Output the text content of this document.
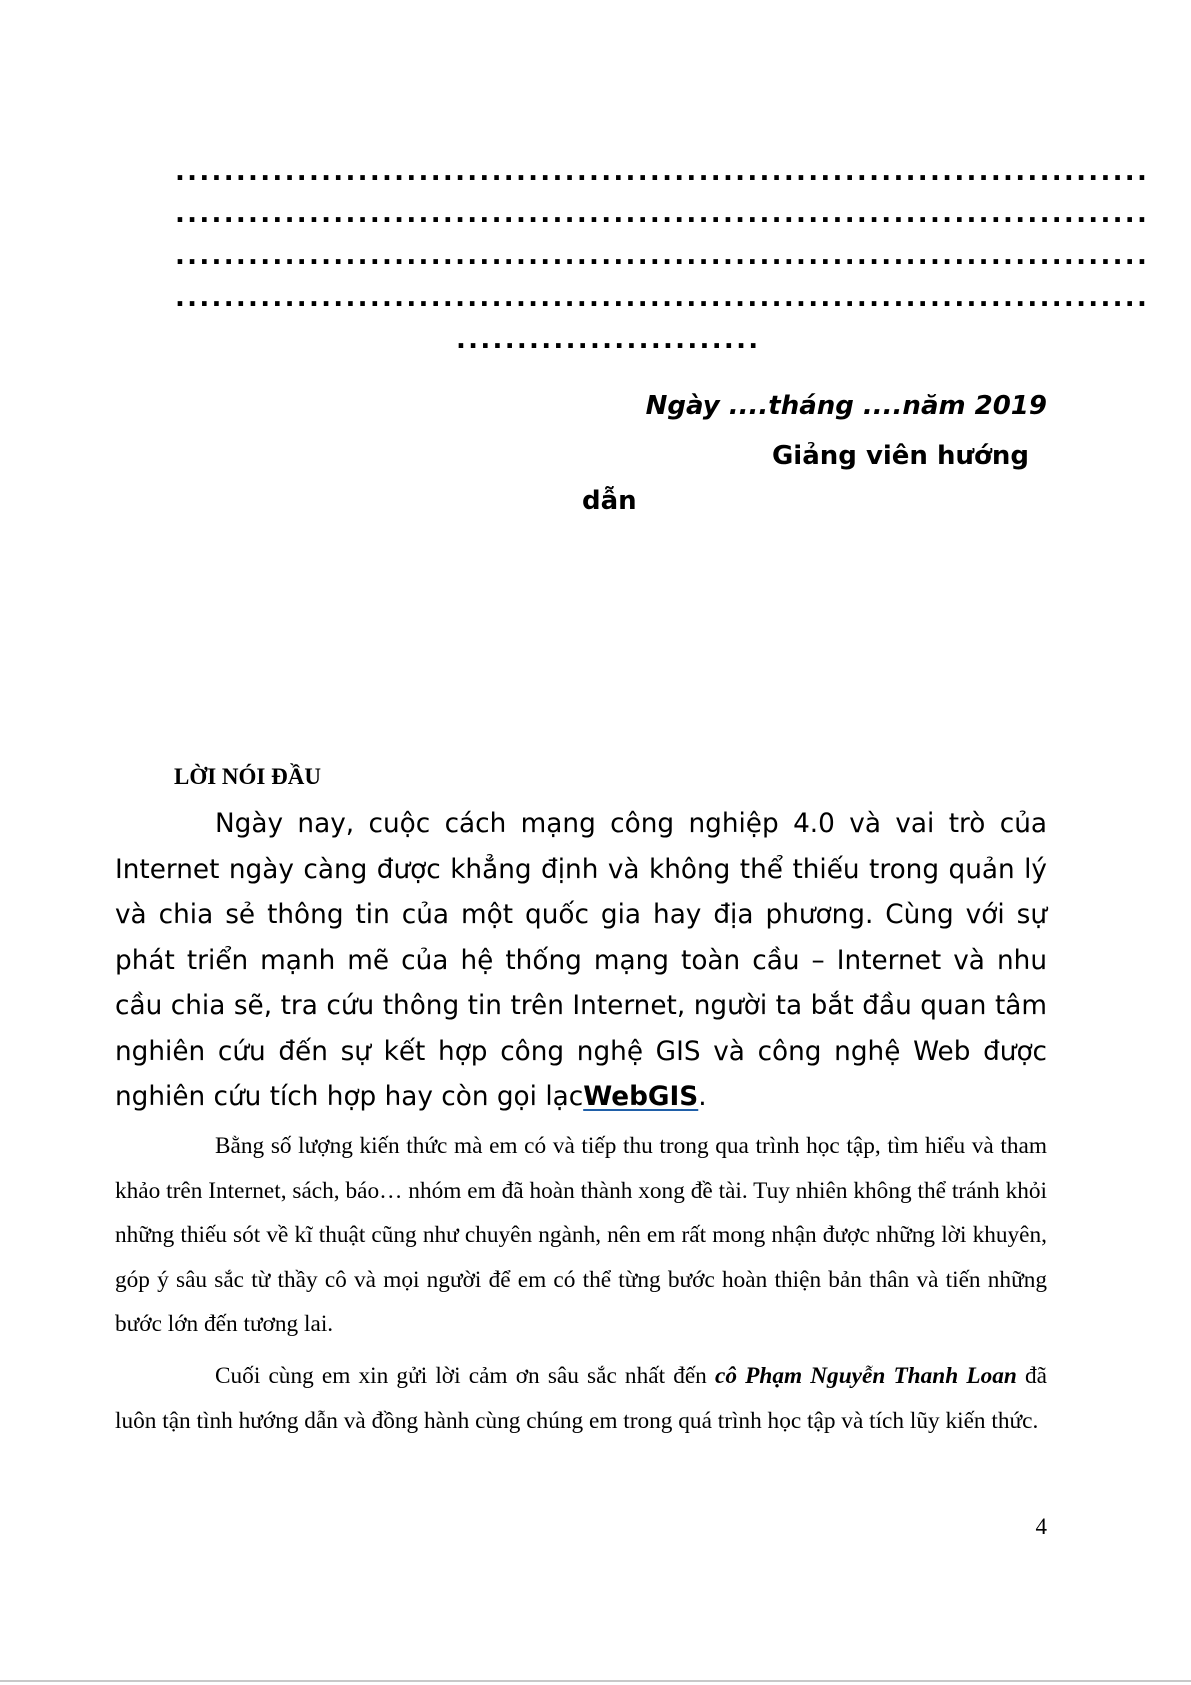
................................................................................
................................................................................
................................................................................
................................................................................
.........................
Ngày ....tháng ....năm 2019
Giảng viên hướng
dẫn
LỜI NÓI ĐẦU

Ngày nay, cuộc cách mạng công nghiệp 4.0 và vai trò của Internet ngày càng được khẳng định và không thể thiếu trong quản lý và chia sẻ thông tin của một quốc gia hay địa phương. Cùng với sự phát triển mạnh mẽ của hệ thống mạng toàn cầu – Internet và nhu cầu chia sẽ, tra cứu thông tin trên Internet, người ta bắt đầu quan tâm nghiên cứu đến sự kết hợp công nghệ GIS và công nghệ Web được nghiên cứu tích hợp hay còn gọi lạcWebGIS.

Bằng số lượng kiến thức mà em có và tiếp thu trong qua trình học tập, tìm hiểu và tham khảo trên Internet, sách, báo… nhóm em đã hoàn thành xong đề tài. Tuy nhiên không thể tránh khỏi những thiếu sót về kĩ thuật cũng như chuyên ngành, nên em rất mong nhận được những lời khuyên, góp ý sâu sắc từ thầy cô và mọi người để em có thể từng bước hoàn thiện bản thân và tiến những bước lớn đến tương lai.

Cuối cùng em xin gửi lời cảm ơn sâu sắc nhất đến cô Phạm Nguyễn Thanh Loan đã luôn tận tình hướng dẫn và đồng hành cùng chúng em trong quá trình học tập và tích lũy kiến thức.

4
